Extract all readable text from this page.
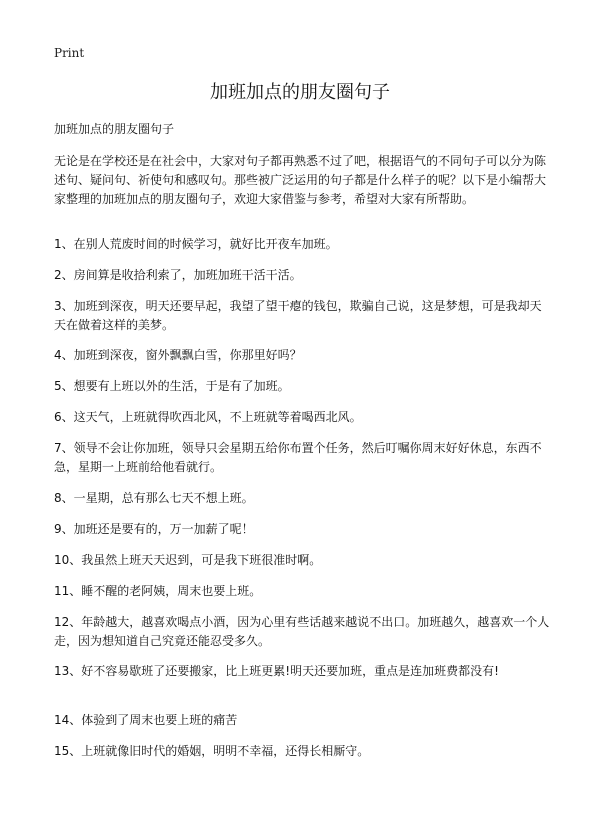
Print
加班加点的朋友圈句子

加班加点的朋友圈句子

无论是在学校还是在社会中，大家对句子都再熟悉不过了吧，根据语气的不同句子可以分为陈述句、疑问句、祈使句和感叹句。那些被广泛运用的句子都是什么样子的呢？以下是小编帮大家整理的加班加点的朋友圈句子，欢迎大家借鉴与参考，希望对大家有所帮助。

1、在别人荒废时间的时候学习，就好比开夜车加班。

2、房间算是收拾利索了，加班加班干活干活。

3、加班到深夜，明天还要早起，我望了望干瘪的钱包，欺骗自己说，这是梦想，可是我却天天在做着这样的美梦。

4、加班到深夜，窗外飘飘白雪，你那里好吗？

5、想要有上班以外的生活，于是有了加班。

6、这天气，上班就得吹西北风，不上班就等着喝西北风。

7、领导不会让你加班，领导只会星期五给你布置个任务，然后叮嘱你周末好好休息，东西不急，星期一上班前给他看就行。

8、一星期，总有那么七天不想上班。

9、加班还是要有的，万一加薪了呢！

10、我虽然上班天天迟到，可是我下班很准时啊。

11、睡不醒的老阿姨，周末也要上班。

12、年龄越大，越喜欢喝点小酒，因为心里有些话越来越说不出口。加班越久，越喜欢一个人走，因为想知道自己究竟还能忍受多久。

13、好不容易歇班了还要搬家，比上班更累!明天还要加班，重点是连加班费都没有!

14、体验到了周末也要上班的痛苦

15、上班就像旧时代的婚姻，明明不幸福，还得长相厮守。
